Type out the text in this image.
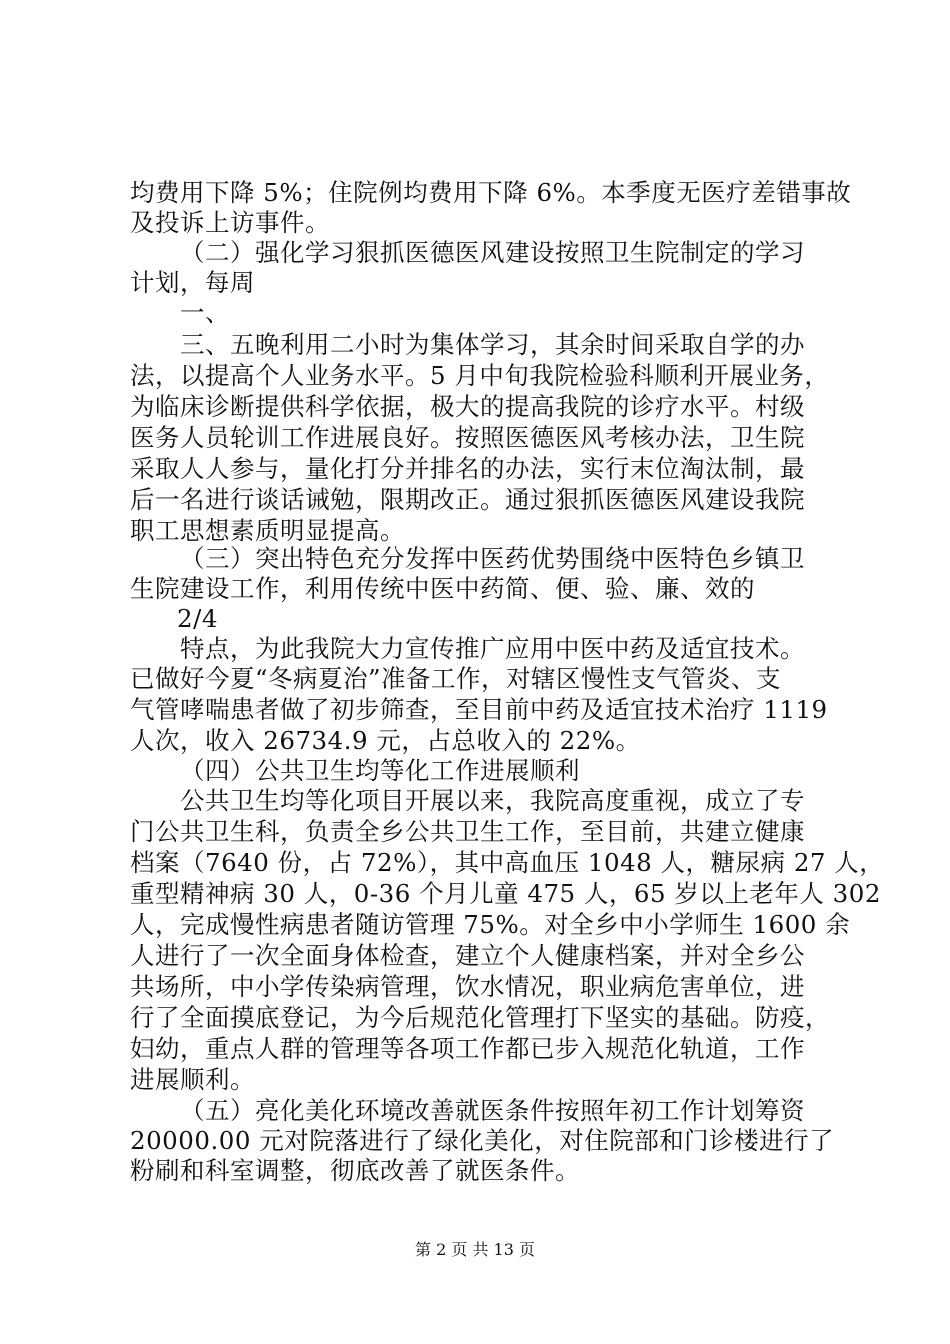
均费用下降 5%；住院例均费用下降 6%。本季度无医疗差错事故
及投诉上访事件。
（二）强化学习狠抓医德医风建设按照卫生院制定的学习
计划，每周
一、
三、五晚利用二小时为集体学习，其余时间采取自学的办
法，以提高个人业务水平。5 月中旬我院检验科顺利开展业务，
为临床诊断提供科学依据，极大的提高我院的诊疗水平。村级
医务人员轮训工作进展良好。按照医德医风考核办法，卫生院
采取人人参与，量化打分并排名的办法，实行末位淘汰制，最
后一名进行谈话诫勉，限期改正。通过狠抓医德医风建设我院
职工思想素质明显提高。
（三）突出特色充分发挥中医药优势围绕中医特色乡镇卫
生院建设工作，利用传统中医中药简、便、验、廉、效的
2/4
特点，为此我院大力宣传推广应用中医中药及适宜技术。
已做好今夏“冬病夏治”准备工作，对辖区慢性支气管炎、支
气管哮喘患者做了初步筛查，至目前中药及适宜技术治疗 1119
人次，收入 26734.9 元，占总收入的 22%。
（四）公共卫生均等化工作进展顺利
公共卫生均等化项目开展以来，我院高度重视，成立了专
门公共卫生科，负责全乡公共卫生工作，至目前，共建立健康
档案（7640 份，占 72%），其中高血压 1048 人，糖尿病 27 人，
重型精神病 30 人，0-36 个月儿童 475 人，65 岁以上老年人 302
人，完成慢性病患者随访管理 75%。对全乡中小学师生 1600 余
人进行了一次全面身体检查，建立个人健康档案，并对全乡公
共场所，中小学传染病管理，饮水情况，职业病危害单位，进
行了全面摸底登记，为今后规范化管理打下坚实的基础。防疫，
妇幼，重点人群的管理等各项工作都已步入规范化轨道，工作
进展顺利。
（五）亮化美化环境改善就医条件按照年初工作计划筹资
20000.00 元对院落进行了绿化美化，对住院部和门诊楼进行了
粉刷和科室调整，彻底改善了就医条件。
第 2 页 共 13 页
